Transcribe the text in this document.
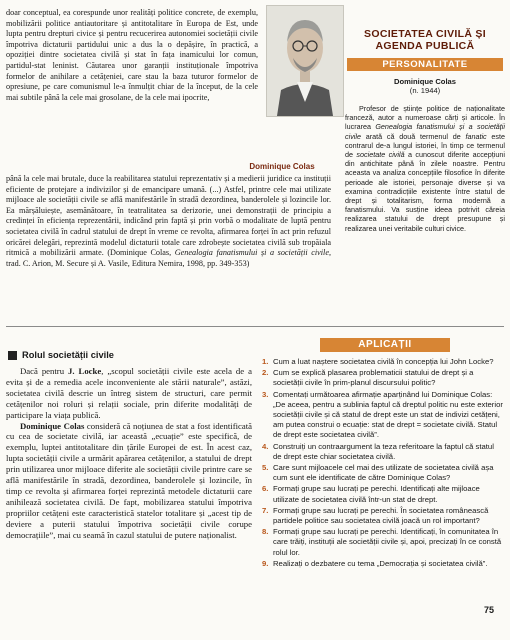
doar conceptual, ea corespunde unor realități politice concrete, de exemplu, mobilizării politice antiautoritare și antitotalitare în Europa de Est, unde lupta pentru drepturi civice și pentru recucerirea autonomiei societății civile împotriva dictaturii partidului unic a dus la o depășire, în practică, a opoziției dintre societatea civilă și stat în fața inamicului lor comun, partidul-stat leninist. Căutarea unor garanții instituționale împotriva formelor de anihilare a cetățeniei, care stau la baza tuturor formelor de opresiune, pe care comunismul le-a înmulțit chiar de la început, de la cele mai subtile până la cele mai grosolane, de la cele mai ipocrite,

Dominique Colas

până la cele mai brutale, duce la reabilitarea statului reprezentativ și a medierii juridice ca instituții eficiente de protejare a indivizilor și de emancipare umană. (...) Astfel, printre cele mai utilizate mijloace ale societății civile se află manifestările în stradă dezordinea, banderolele și lozincile lor. Ea mărșăluiește, asemănătoare, în teatralitatea sa derizorie, unei demonstrații de principiu a credinței în eficiența reprezentării, indicând prin faptă și prin vorbă o modalitate de luptă pentru societatea civilă în cadrul statului de drept în vreme ce revolta, afirmarea forței în act prin refuzul oricărei delegări, reprezintă modelul dictaturii totale care zdrobește societatea civilă sub tropăiala ritmică a mobilizării armate. (Dominique Colas, Genealogia fanatismului și a societății civile, trad. C. Arion, M. Secure și A. Vasile, Editura Nemira, 1998, pp. 349-353)

SOCIETATEA CIVILĂ ȘI
AGENDA PUBLICĂ
PERSONALITATE
Dominique Colas
(n. 1944)
Profesor de științe politice de naționalitate franceză, autor a numeroase cărți și articole. În lucrarea Genealogia fanatismului și a societății civile arată că două termenul de fanatic este contrarul de-a lungul istoriei, în timp ce termenul de societate civilă a cunoscut diferite accepțiuni din antichitate până în zilele noastre. Pentru aceasta va analiza concepțiile filosofice în diferite perioade ale istoriei, personaje diverse și va examina contradicțiile existente între statul de drept și totalitarism, forma modernă a fanatismului. Va susține ideea potrivit căreia realizarea statului de drept presupune și realizarea unei veritabile culturi civice.
Rolul societății civile

Dacă pentru J. Locke, „scopul societății civile este acela de a evita și de a remedia acele inconveniente ale stării naturale”, astăzi, societatea civilă descrie un întreg sistem de structuri, care permit cetățenilor noi roluri și relații sociale, prin diferite modalități de participare la viața publică.

Dominique Colas consideră că noțiunea de stat a fost identificată cu cea de societate civilă, iar această „ecuație” este specifică, de exemplu, luptei antitotalitare din țările Europei de est. În acest caz, lupta societății civile a urmărit apărarea cetățenilor, a statului de drept prin utilizarea unor mijloace diferite ale societății civile printre care se află manifestările în stradă, dezordinea, banderolele și lozincile, în timp ce revolta și afirmarea forței reprezintă metodele dictaturii care anihilează societatea civilă. De fapt, mobilizarea statului împotriva propriilor cetățeni este caracteristică statelor totalitare și „acest tip de deviere a puterii statului împotriva societății civile corupe democrațiile”, mai cu seamă în cazul statului de putere naționalist.

APLICAȚII
1. Cum a luat naștere societatea civilă în concepția lui John Locke?
2. Cum se explică plasarea problematicii statului de drept și a societății civile în prim-planul discursului politic?
3. Comentați următoarea afirmație aparținând lui Dominique Colas: „De aceea, pentru a sublinia faptul că dreptul politic nu este exterior societății civile și că statul de drept este un stat de indivizi cetățeni, am putea construi o ecuație: stat de drept = societate civilă. Statul de drept este societatea civilă”.
4. Construiți un contraargument la teza referitoare la faptul că statul de drept este chiar societatea civilă.
5. Care sunt mijloacele cel mai des utilizate de societatea civilă așa cum sunt ele identificate de către Dominique Colas?
6. Formați grupe sau lucrați pe perechi. Identificați alte mijloace utilizate de societatea civilă într-un stat de drept.
7. Formați grupe sau lucrați pe perechi. În societatea românească partidele politice sau societatea civilă joacă un rol important?
8. Formați grupe sau lucrați pe perechi. Identificați, în comunitatea în care trăiți, instituții ale societății civile și, apoi, precizați în ce constă rolul lor.
9. Realizați o dezbatere cu tema „Democrația și societatea civilă”.
75
